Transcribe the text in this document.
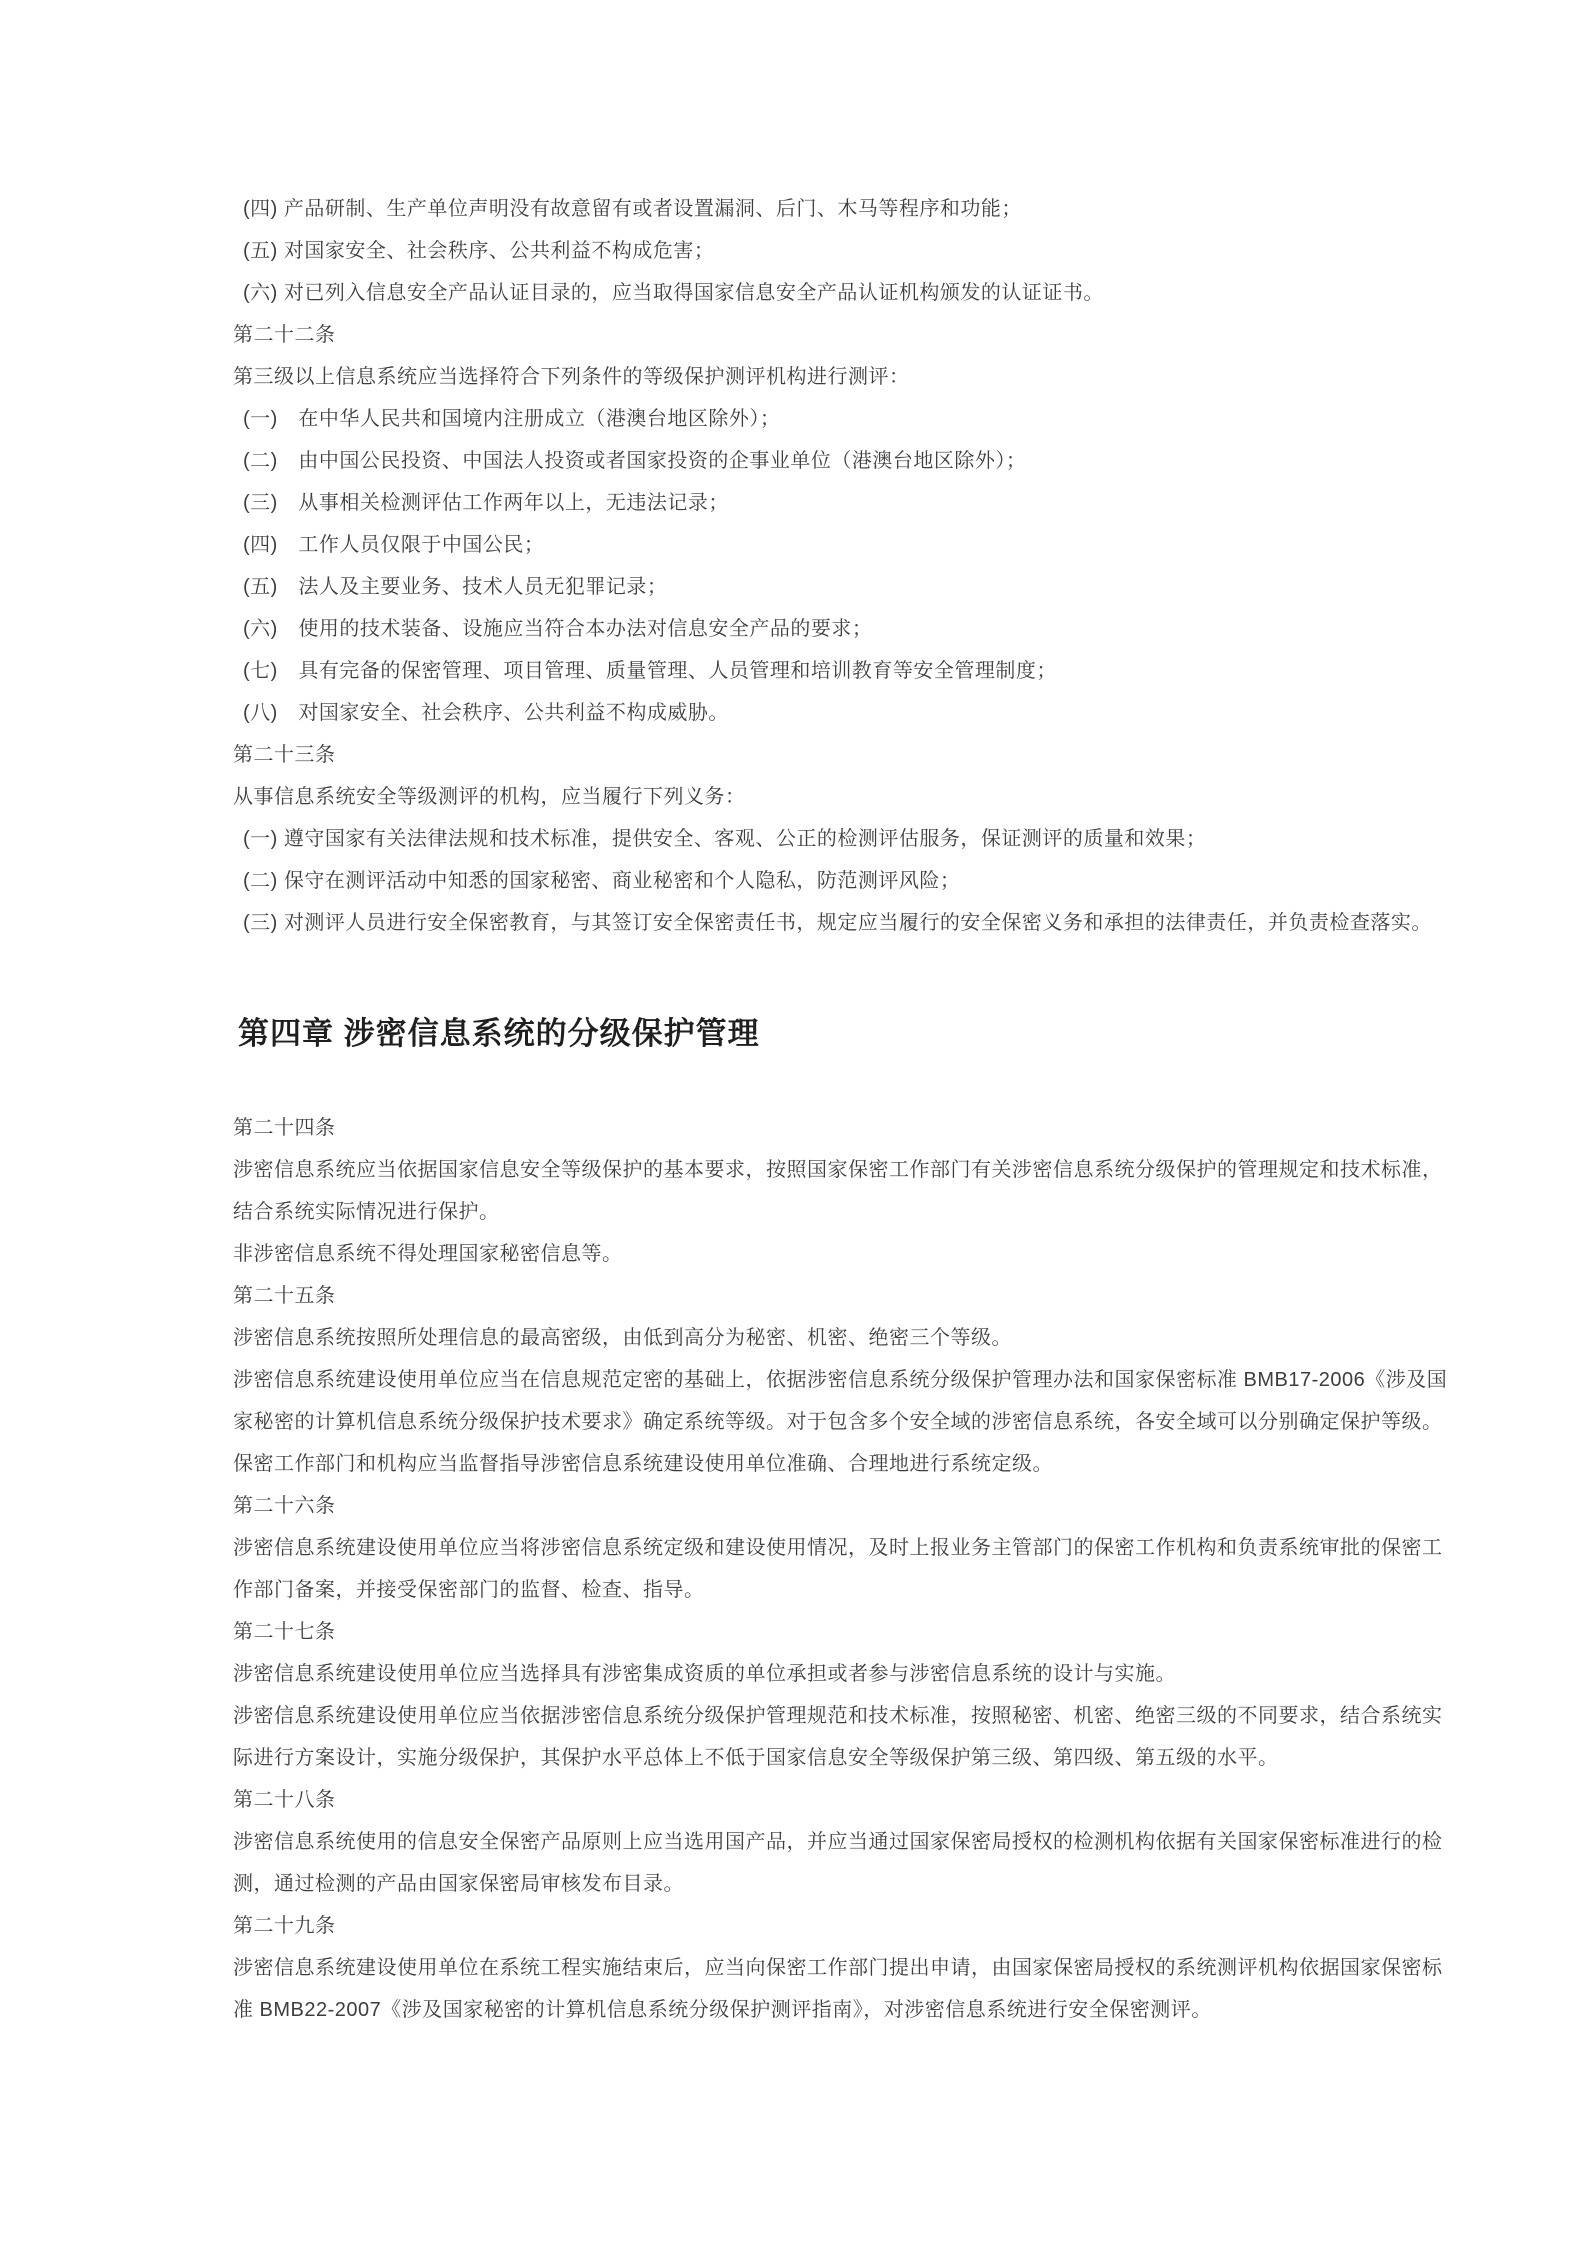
(四) 产品研制、生产单位声明没有故意留有或者设置漏洞、后门、木马等程序和功能；
(五) 对国家安全、社会秩序、公共利益不构成危害；
(六) 对已列入信息安全产品认证目录的，应当取得国家信息安全产品认证机构颁发的认证证书。
第二十二条
第三级以上信息系统应当选择符合下列条件的等级保护测评机构进行测评：
(一)　在中华人民共和国境内注册成立（港澳台地区除外）；
(二)　由中国公民投资、中国法人投资或者国家投资的企事业单位（港澳台地区除外）；
(三)　从事相关检测评估工作两年以上，无违法记录；
(四)　工作人员仅限于中国公民；
(五)　法人及主要业务、技术人员无犯罪记录；
(六)　使用的技术装备、设施应当符合本办法对信息安全产品的要求；
(七)　具有完备的保密管理、项目管理、质量管理、人员管理和培训教育等安全管理制度；
(八)　对国家安全、社会秩序、公共利益不构成威胁。
第二十三条
从事信息系统安全等级测评的机构，应当履行下列义务：
(一) 遵守国家有关法律法规和技术标准，提供安全、客观、公正的检测评估服务，保证测评的质量和效果；
(二) 保守在测评活动中知悉的国家秘密、商业秘密和个人隐私，防范测评风险；
(三) 对测评人员进行安全保密教育，与其签订安全保密责任书，规定应当履行的安全保密义务和承担的法律责任，并负责检查落实。
第四章 涉密信息系统的分级保护管理
第二十四条
涉密信息系统应当依据国家信息安全等级保护的基本要求，按照国家保密工作部门有关涉密信息系统分级保护的管理规定和技术标准，
结合系统实际情况进行保护。
非涉密信息系统不得处理国家秘密信息等。
第二十五条
涉密信息系统按照所处理信息的最高密级，由低到高分为秘密、机密、绝密三个等级。
涉密信息系统建设使用单位应当在信息规范定密的基础上，依据涉密信息系统分级保护管理办法和国家保密标准 BMB17-2006《涉及国
家秘密的计算机信息系统分级保护技术要求》确定系统等级。对于包含多个安全域的涉密信息系统，各安全域可以分别确定保护等级。
保密工作部门和机构应当监督指导涉密信息系统建设使用单位准确、合理地进行系统定级。
第二十六条
涉密信息系统建设使用单位应当将涉密信息系统定级和建设使用情况，及时上报业务主管部门的保密工作机构和负责系统审批的保密工
作部门备案，并接受保密部门的监督、检查、指导。
第二十七条
涉密信息系统建设使用单位应当选择具有涉密集成资质的单位承担或者参与涉密信息系统的设计与实施。
涉密信息系统建设使用单位应当依据涉密信息系统分级保护管理规范和技术标准，按照秘密、机密、绝密三级的不同要求，结合系统实
际进行方案设计，实施分级保护，其保护水平总体上不低于国家信息安全等级保护第三级、第四级、第五级的水平。
第二十八条
涉密信息系统使用的信息安全保密产品原则上应当选用国产品，并应当通过国家保密局授权的检测机构依据有关国家保密标准进行的检
测，通过检测的产品由国家保密局审核发布目录。
第二十九条
涉密信息系统建设使用单位在系统工程实施结束后，应当向保密工作部门提出申请，由国家保密局授权的系统测评机构依据国家保密标
准 BMB22-2007《涉及国家秘密的计算机信息系统分级保护测评指南》，对涉密信息系统进行安全保密测评。
